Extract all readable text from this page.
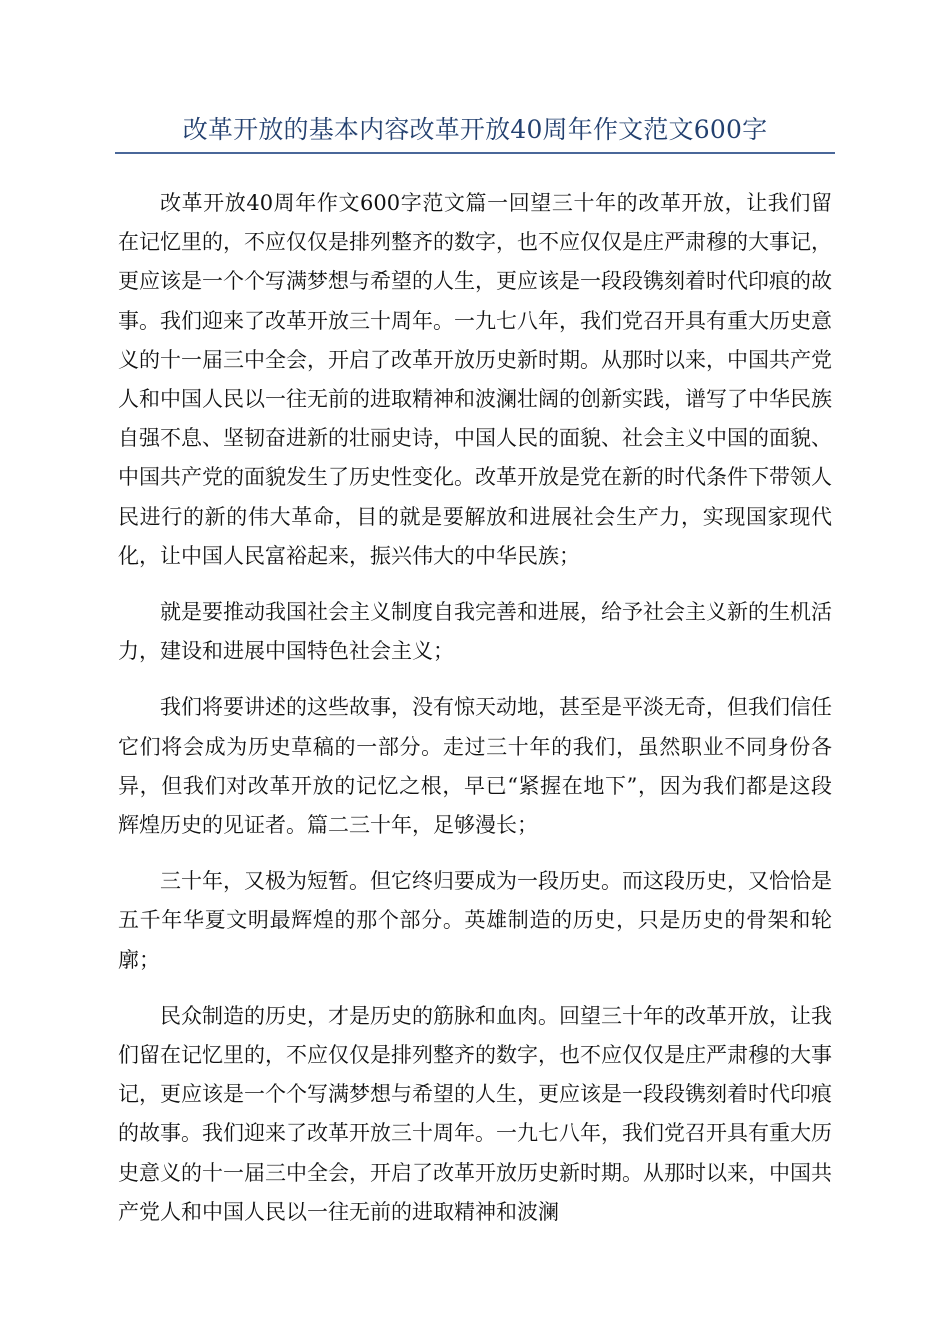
改革开放的基本内容改革开放40周年作文范文600字

改革开放40周年作文600字范文篇一回望三十年的改革开放，让我们留在记忆里的，不应仅仅是排列整齐的数字，也不应仅仅是庄严肃穆的大事记，更应该是一个个写满梦想与希望的人生，更应该是一段段镌刻着时代印痕的故事。我们迎来了改革开放三十周年。一九七八年，我们党召开具有重大历史意义的十一届三中全会，开启了改革开放历史新时期。从那时以来，中国共产党人和中国人民以一往无前的进取精神和波澜壮阔的创新实践，谱写了中华民族自强不息、坚韧奋进新的壮丽史诗，中国人民的面貌、社会主义中国的面貌、中国共产党的面貌发生了历史性变化。改革开放是党在新的时代条件下带领人民进行的新的伟大革命，目的就是要解放和进展社会生产力，实现国家现代化，让中国人民富裕起来，振兴伟大的中华民族；

就是要推动我国社会主义制度自我完善和进展，给予社会主义新的生机活力，建设和进展中国特色社会主义；

我们将要讲述的这些故事，没有惊天动地，甚至是平淡无奇，但我们信任它们将会成为历史草稿的一部分。走过三十年的我们，虽然职业不同身份各异，但我们对改革开放的记忆之根，早已“紧握在地下”，因为我们都是这段辉煌历史的见证者。篇二三十年，足够漫长；

三十年，又极为短暂。但它终归要成为一段历史。而这段历史，又恰恰是五千年华夏文明最辉煌的那个部分。英雄制造的历史，只是历史的骨架和轮廓；

民众制造的历史，才是历史的筋脉和血肉。回望三十年的改革开放，让我们留在记忆里的，不应仅仅是排列整齐的数字，也不应仅仅是庄严肃穆的大事记，更应该是一个个写满梦想与希望的人生，更应该是一段段镌刻着时代印痕的故事。我们迎来了改革开放三十周年。一九七八年，我们党召开具有重大历史意义的十一届三中全会，开启了改革开放历史新时期。从那时以来，中国共产党人和中国人民以一往无前的进取精神和波澜
